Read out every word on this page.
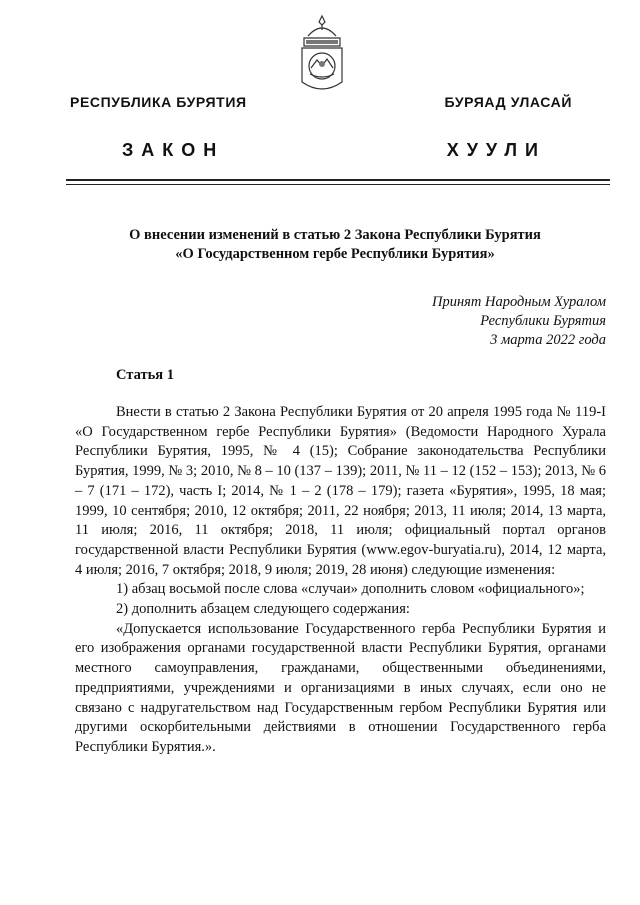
РЕСПУБЛИКА БУРЯТИЯ	БУРЯАД УЛАСАЙ
ЗАКОН	ХУУЛИ
О внесении изменений в статью 2 Закона Республики Бурятия
«О Государственном гербе Республики Бурятия»
Принят Народным Хуралом
Республики Бурятия
3 марта 2022 года
Статья 1

Внести в статью 2 Закона Республики Бурятия от 20 апреля 1995 года № 119-I «О Государственном гербе Республики Бурятия» (Ведомости Народного Хурала Республики Бурятия, 1995, № 4 (15); Собрание законодательства Республики Бурятия, 1999, № 3; 2010, № 8 – 10 (137 – 139); 2011, № 11 – 12 (152 – 153); 2013, № 6 – 7 (171 – 172), часть I; 2014, № 1 – 2 (178 – 179); газета «Бурятия», 1995, 18 мая; 1999, 10 сентября; 2010, 12 октября; 2011, 22 ноября; 2013, 11 июля; 2014, 13 марта, 11 июля; 2016, 11 октября; 2018, 11 июля; официальный портал органов государственной власти Республики Бурятия (www.egov-buryatia.ru), 2014, 12 марта, 4 июля; 2016, 7 октября; 2018, 9 июля; 2019, 28 июня) следующие изменения:

1) абзац восьмой после слова «случаи» дополнить словом «официального»;

2) дополнить абзацем следующего содержания:

«Допускается использование Государственного герба Республики Бурятия и его изображения органами государственной власти Республики Бурятия, органами местного самоуправления, гражданами, общественными объединениями, предприятиями, учреждениями и организациями в иных случаях, если оно не связано с надругательством над Государственным гербом Республики Бурятия или другими оскорбительными действиями в отношении Государственного герба Республики Бурятия.».
